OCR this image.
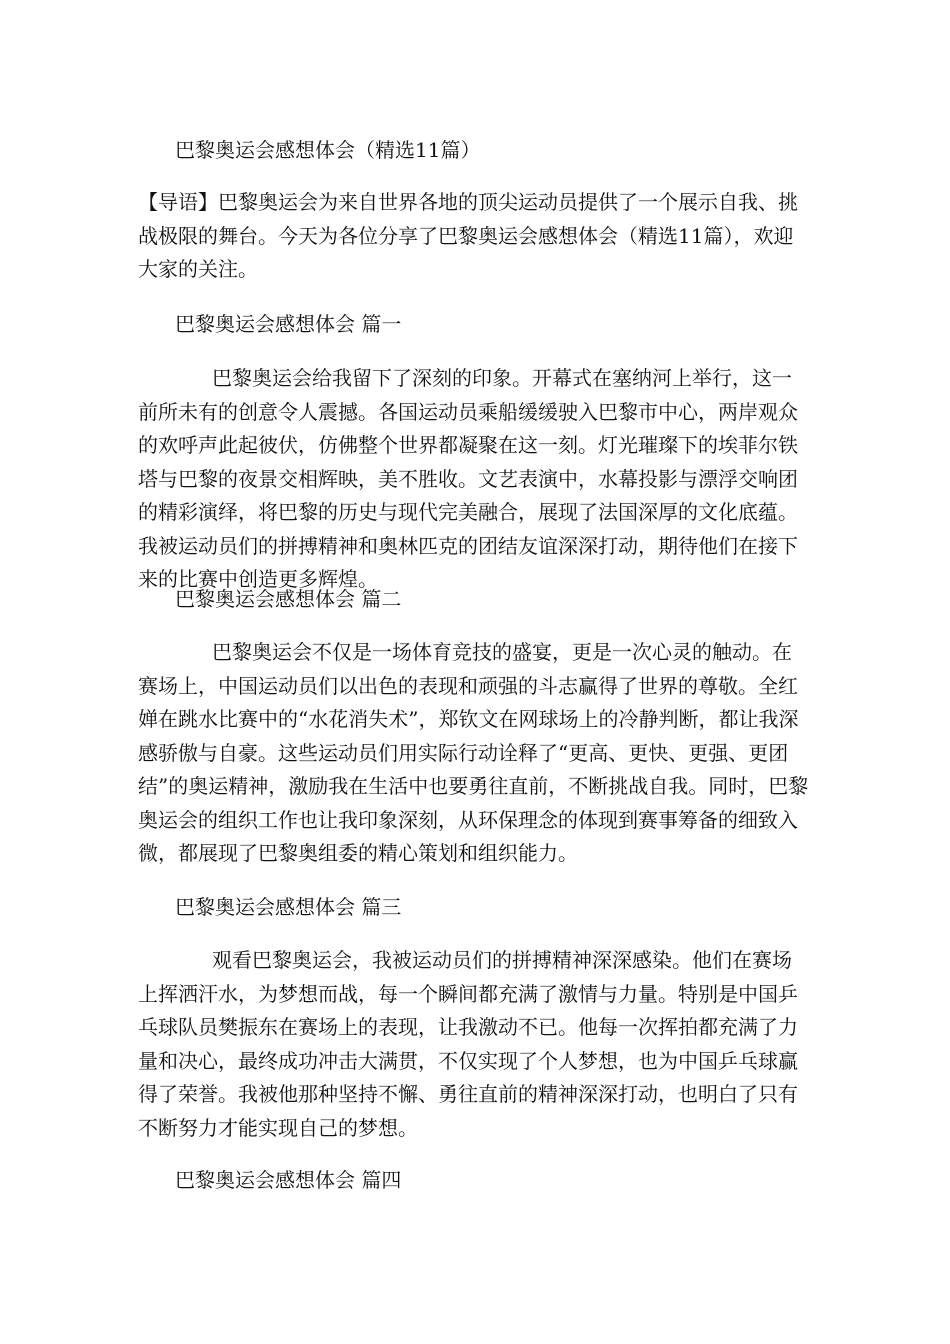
巴黎奥运会感想体会（精选11篇）

【导语】巴黎奥运会为来自世界各地的顶尖运动员提供了一个展示自我、挑战极限的舞台。今天为各位分享了巴黎奥运会感想体会（精选11篇），欢迎大家的关注。

巴黎奥运会感想体会 篇一

巴黎奥运会给我留下了深刻的印象。开幕式在塞纳河上举行，这一前所未有的创意令人震撼。各国运动员乘船缓缓驶入巴黎市中心，两岸观众的欢呼声此起彼伏，仿佛整个世界都凝聚在这一刻。灯光璀璨下的埃菲尔铁塔与巴黎的夜景交相辉映，美不胜收。文艺表演中，水幕投影与漂浮交响团的精彩演绎，将巴黎的历史与现代完美融合，展现了法国深厚的文化底蕴。我被运动员们的拼搏精神和奥林匹克的团结友谊深深打动，期待他们在接下来的比赛中创造更多辉煌。

巴黎奥运会感想体会 篇二

巴黎奥运会不仅是一场体育竞技的盛宴，更是一次心灵的触动。在赛场上，中国运动员们以出色的表现和顽强的斗志赢得了世界的尊敬。全红婵在跳水比赛中的“水花消失术”，郑钦文在网球场上的冷静判断，都让我深感骄傲与自豪。这些运动员们用实际行动诠释了“更高、更快、更强、更团结”的奥运精神，激励我在生活中也要勇往直前，不断挑战自我。同时，巴黎奥运会的组织工作也让我印象深刻，从环保理念的体现到赛事筹备的细致入微，都展现了巴黎奥组委的精心策划和组织能力。

巴黎奥运会感想体会 篇三

观看巴黎奥运会，我被运动员们的拼搏精神深深感染。他们在赛场上挥洒汗水，为梦想而战，每一个瞬间都充满了激情与力量。特别是中国乒乓球队员樊振东在赛场上的表现，让我激动不已。他每一次挥拍都充满了力量和决心，最终成功冲击大满贯，不仅实现了个人梦想，也为中国乒乓球赢得了荣誉。我被他那种坚持不懈、勇往直前的精神深深打动，也明白了只有不断努力才能实现自己的梦想。

巴黎奥运会感想体会 篇四
